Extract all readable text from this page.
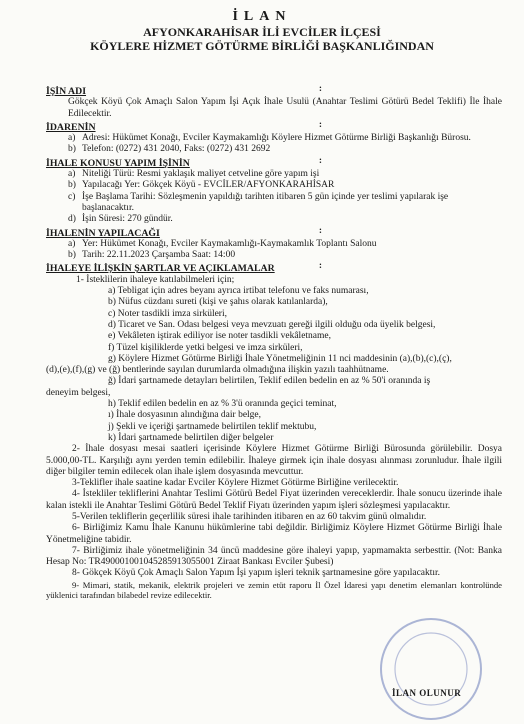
İLAN
AFYONKARAHİSAR İLİ EVCİLER İLÇESİ
KÖYLERE HİZMET GÖTÜRME BİRLİĞİ BAŞKANLIĞINDAN
İŞİN ADI	:
Gökçek Köyü Çok Amaçlı Salon Yapım İşi Açık İhale Usulü (Anahtar Teslimi Götürü Bedel Teklifi) İle İhale Edilecektir.
İDARENİN	:
a) Adresi: Hükümet Konağı, Evciler Kaymakamlığı Köylere Hizmet Götürme Birliği Başkanlığı Bürosu.
b) Telefon: (0272) 431 2040, Faks: (0272) 431 2692
İHALE KONUSU YAPIM İŞİNİN	:
a) Niteliği Türü: Resmi yaklaşık maliyet cetveline göre yapım işi
b) Yapılacağı Yer: Gökçek Köyü - EVCİLER/AFYONKARAHİSAR
c) İşe Başlama Tarihi: Sözleşmenin yapıldığı tarihten itibaren 5 gün içinde yer teslimi yapılarak işe başlanacaktır.
d) İşin Süresi: 270 gündür.
İHALENİN YAPILACAĞI	:
a) Yer: Hükümet Konağı, Evciler Kaymakamlığı-Kaymakamlık Toplantı Salonu
b) Tarih: 22.11.2023 Çarşamba Saat: 14:00
İHALEYE İLİŞKİN ŞARTLAR VE AÇIKLAMALAR	:
1- İsteklilerin ihaleye katılabilmeleri için;
a) Tebligat için adres beyanı ayrıca irtibat telefonu ve faks numarası,
b) Nüfus cüzdanı sureti (kişi ve şahıs olarak katılanlarda),
c) Noter tasdikli imza sirküleri,
d) Ticaret ve San. Odası belgesi veya mevzuatı gereği ilgili olduğu oda üyelik belgesi,
e) Vekâleten iştirak ediliyor ise noter tasdikli vekâletname,
f) Tüzel kişiliklerde yetki belgesi ve imza sirküleri,
g) Köylere Hizmet Götürme Birliği İhale Yönetmeliğinin 11 nci maddesinin (a),(b),(c),(ç),
(d),(e),(f),(g) ve (ğ) bentlerinde sayılan durumlarda olmadığına ilişkin yazılı taahhütname.
ğ) İdari şartnamede detayları belirtilen, Teklif edilen bedelin en az % 50'i oranında iş
deneyim belgesi,
h) Teklif edilen bedelin en az % 3'ü oranında geçici teminat,
ı) İhale dosyasının alındığına dair belge,
j) Şekli ve içeriği şartnamede belirtilen teklif mektubu,
k) İdari şartnamede belirtilen diğer belgeler
2- İhale dosyası mesai saatleri içerisinde Köylere Hizmet Götürme Birliği Bürosunda görülebilir. Dosya 5.000,00-TL. Karşılığı aynı yerden temin edilebilir. İhaleye girmek için ihale dosyası alınması zorunludur. İhale ilgili diğer bilgiler temin edilecek olan ihale işlem dosyasında mevcuttur.
3-Teklifler ihale saatine kadar Evciler Köylere Hizmet Götürme Birliğine verilecektir.
4- İstekliler tekliflerini Anahtar Teslimi Götürü Bedel Fiyat üzerinden vereceklerdir. İhale sonucu üzerinde ihale kalan istekli ile Anahtar Teslimi Götürü Bedel Teklif Fiyatı üzerinden yapım işleri sözleşmesi yapılacaktır.
5-Verilen tekliflerin geçerlilik süresi ihale tarihinden itibaren en az 60 takvim günü olmalıdır.
6- Birliğimiz Kamu İhale Kanunu hükümlerine tabi değildir. Birliğimiz Köylere Hizmet Götürme Birliği İhale Yönetmeliğine tabidir.
7- Birliğimiz ihale yönetmeliğinin 34 üncü maddesine göre ihaleyi yapıp, yapmamakta serbesttir. (Not: Banka Hesap No: TR490001001045285913055001 Ziraat Bankası Evciler Şubesi)
8- Gökçek Köyü Çok Amaçlı Salon Yapım İşi yapım işleri teknik şartnamesine göre yapılacaktır.
9- Mimari, statik, mekanik, elektrik projeleri ve zemin etüt raporu İl Özel İdaresi yapı denetim elemanları kontrolünde yüklenici tarafından bilabedel revize edilecektir.
İLAN OLUNUR
